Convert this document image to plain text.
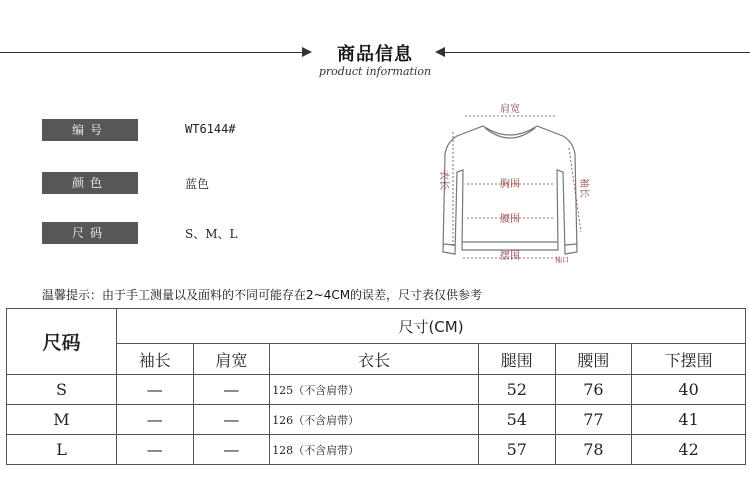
商品信息
product information
编号	WT6144#
颜色	蓝色
尺码	S、M、L
肩宽
胸围
腰围
摆围
衣长	袖长
袖口
温馨提示：由于手工测量以及面料的不同可能存在2~4CM的误差，尺寸表仅供参考
尺码	尺寸(CM)					
	袖长	肩宽	衣长	腿围	腰围	下摆围
S	—	—	125（不含肩带）	52	76	40
M	—	—	126（不含肩带）	54	77	41
L	—	—	128（不含肩带）	57	78	42
